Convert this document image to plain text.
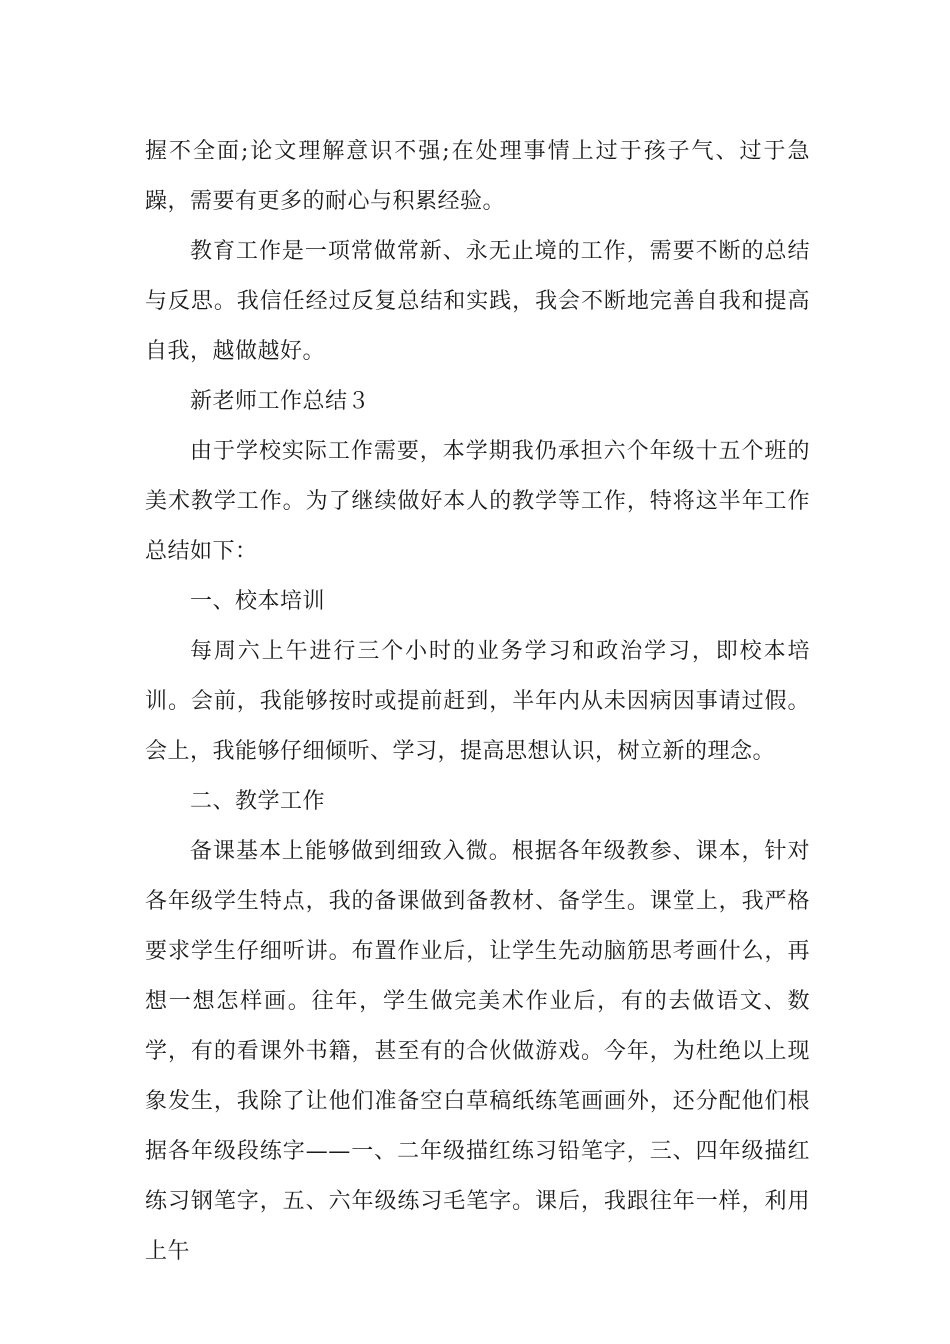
握不全面;论文理解意识不强;在处理事情上过于孩子气、过于急躁，需要有更多的耐心与积累经验。

教育工作是一项常做常新、永无止境的工作，需要不断的总结与反思。我信任经过反复总结和实践，我会不断地完善自我和提高自我，越做越好。

新老师工作总结３

由于学校实际工作需要，本学期我仍承担六个年级十五个班的美术教学工作。为了继续做好本人的教学等工作，特将这半年工作总结如下：

一、校本培训

每周六上午进行三个小时的业务学习和政治学习，即校本培训。会前，我能够按时或提前赶到，半年内从未因病因事请过假。会上，我能够仔细倾听、学习，提高思想认识，树立新的理念。

二、教学工作

备课基本上能够做到细致入微。根据各年级教参、课本，针对各年级学生特点，我的备课做到备教材、备学生。课堂上，我严格要求学生仔细听讲。布置作业后，让学生先动脑筋思考画什么，再想一想怎样画。往年，学生做完美术作业后，有的去做语文、数学，有的看课外书籍，甚至有的合伙做游戏。今年，为杜绝以上现象发生，我除了让他们准备空白草稿纸练笔画画外，还分配他们根据各年级段练字——一、二年级描红练习铅笔字，三、四年级描红练习钢笔字，五、六年级练习毛笔字。课后，我跟往年一样，利用上午
